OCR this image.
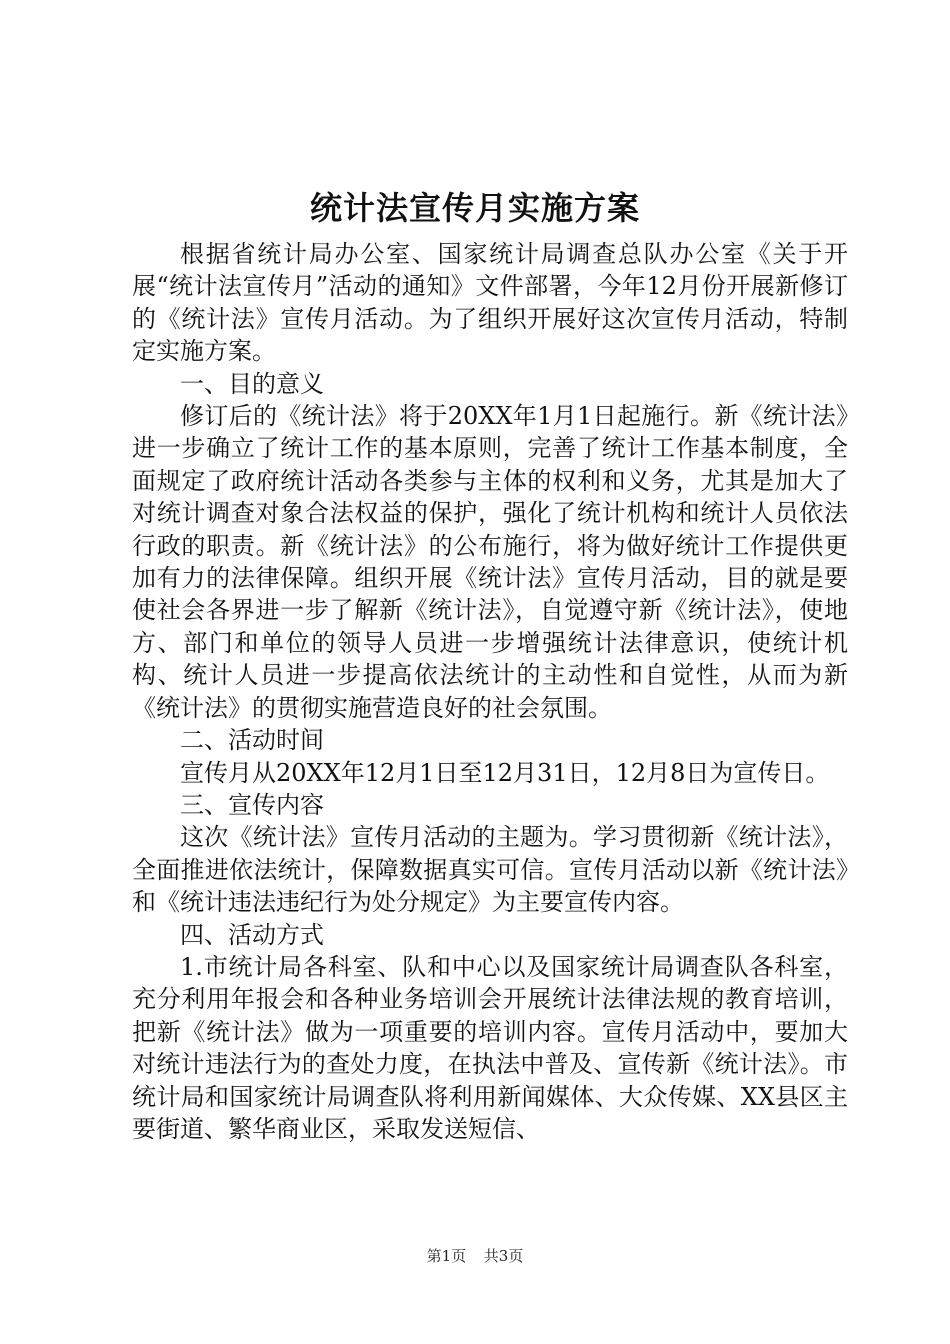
统计法宣传月实施方案

根据省统计局办公室、国家统计局调查总队办公室《关于开展“统计法宣传月”活动的通知》文件部署，今年12月份开展新修订的《统计法》宣传月活动。为了组织开展好这次宣传月活动，特制定实施方案。

一、目的意义

修订后的《统计法》将于20XX年1月1日起施行。新《统计法》进一步确立了统计工作的基本原则，完善了统计工作基本制度，全面规定了政府统计活动各类参与主体的权利和义务，尤其是加大了对统计调查对象合法权益的保护，强化了统计机构和统计人员依法行政的职责。新《统计法》的公布施行，将为做好统计工作提供更加有力的法律保障。组织开展《统计法》宣传月活动，目的就是要使社会各界进一步了解新《统计法》，自觉遵守新《统计法》，使地方、部门和单位的领导人员进一步增强统计法律意识，使统计机构、统计人员进一步提高依法统计的主动性和自觉性，从而为新《统计法》的贯彻实施营造良好的社会氛围。

二、活动时间

宣传月从20XX年12月1日至12月31日，12月8日为宣传日。

三、宣传内容

这次《统计法》宣传月活动的主题为。学习贯彻新《统计法》，全面推进依法统计，保障数据真实可信。宣传月活动以新《统计法》和《统计违法违纪行为处分规定》为主要宣传内容。

四、活动方式

1.市统计局各科室、队和中心以及国家统计局调查队各科室，充分利用年报会和各种业务培训会开展统计法律法规的教育培训，把新《统计法》做为一项重要的培训内容。宣传月活动中，要加大对统计违法行为的查处力度，在执法中普及、宣传新《统计法》。市统计局和国家统计局调查队将利用新闻媒体、大众传媒、XX县区主要街道、繁华商业区，采取发送短信、

第1页 共3页
